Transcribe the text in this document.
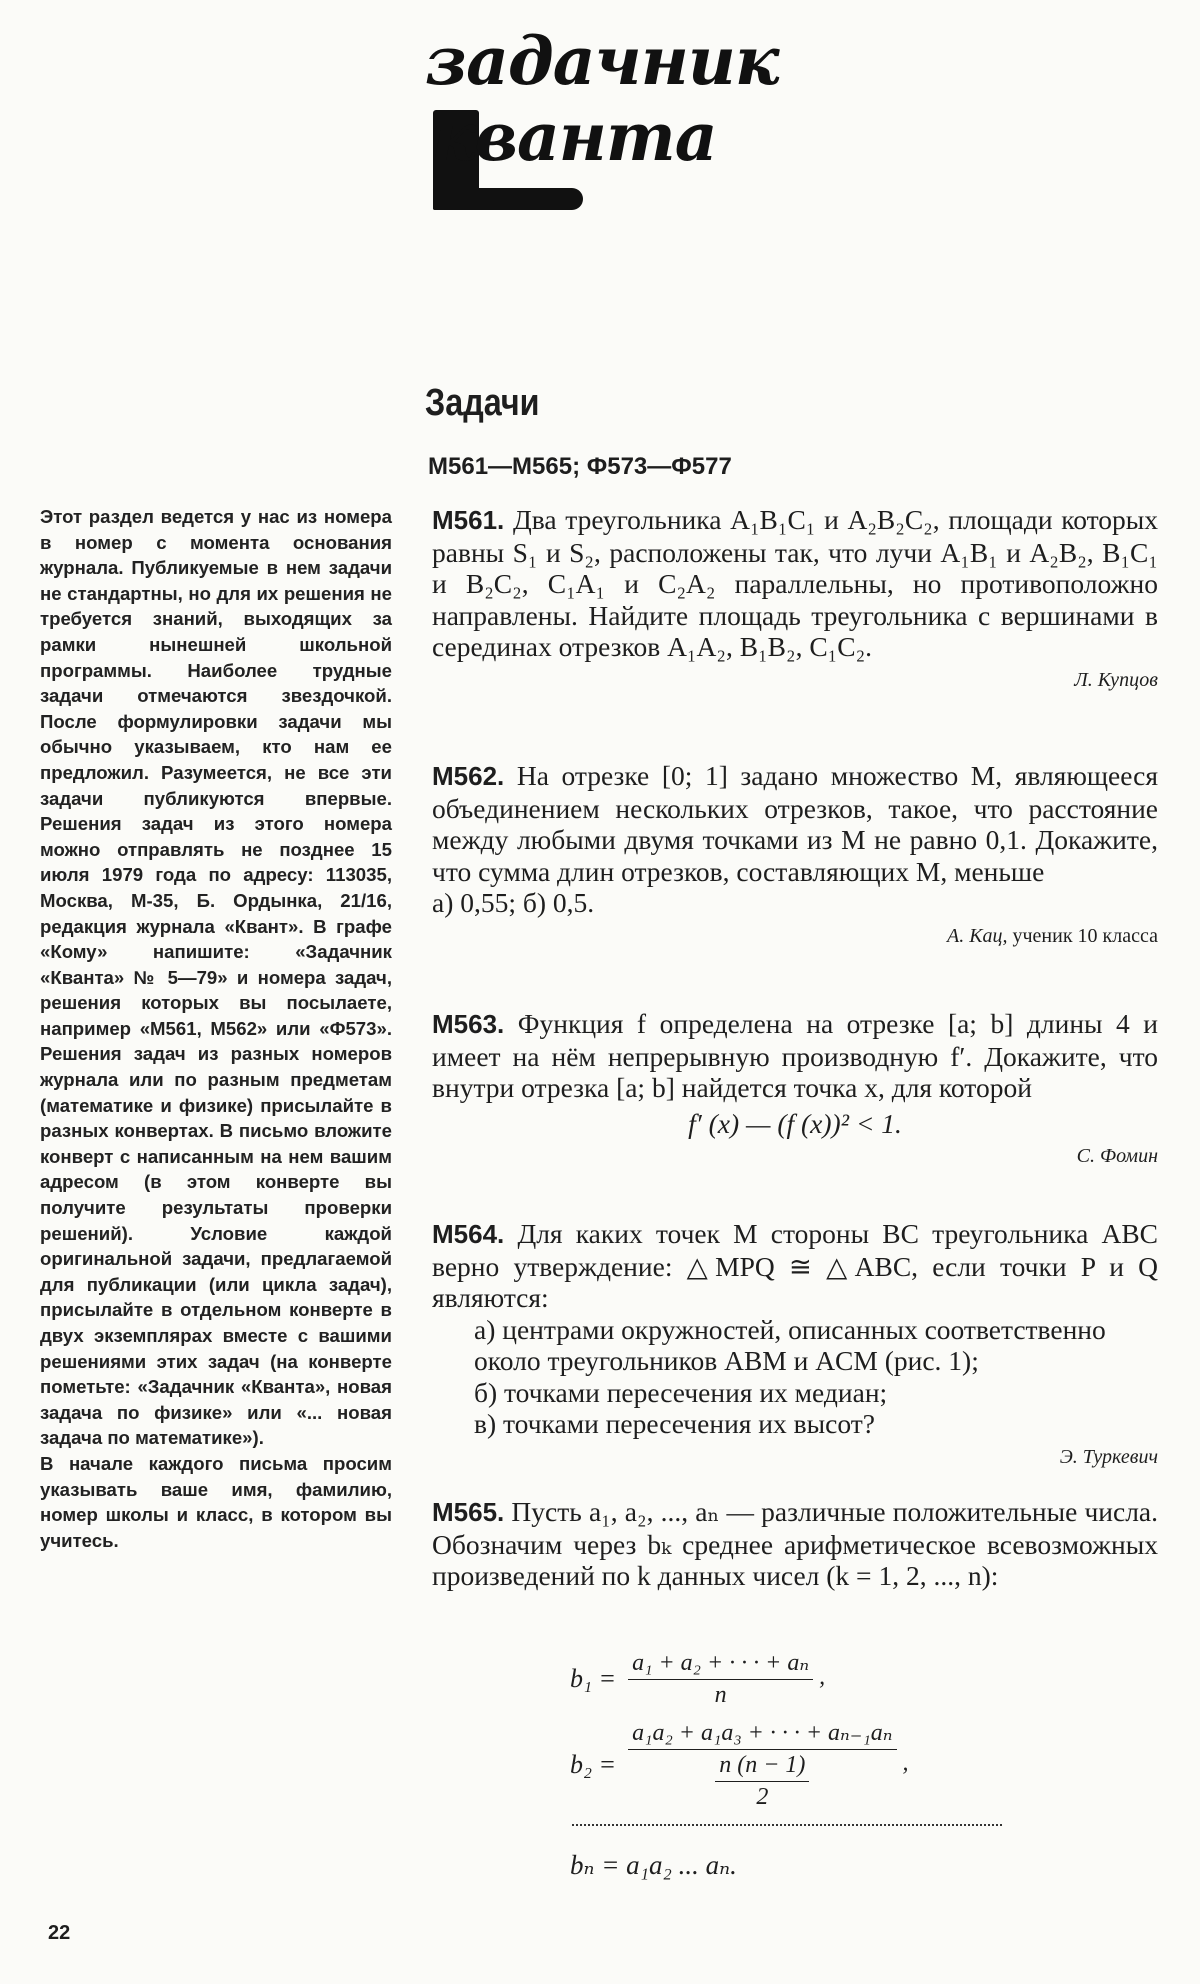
задачник
кванта
Задачи
М561—М565; Ф573—Ф577

Этот раздел ведется у нас из номера в номер с момента основания журнала. Публикуемые в нем задачи не стандартны, но для их решения не требуется знаний, выходящих за рамки нынешней школьной программы. Наиболее трудные задачи отмечаются звездочкой. После формулировки задачи мы обычно указываем, кто нам ее предложил. Разумеется, не все эти задачи публикуются впервые. Решения задач из этого номера можно отправлять не позднее 15 июля 1979 года по адресу: 113035, Москва, М-35, Б. Ордынка, 21/16, редакция журнала «Квант». В графе «Кому» напишите: «Задачник «Кванта» № 5—79» и номера задач, решения которых вы посылаете, например «М561, М562» или «Ф573». Решения задач из разных номеров журнала или по разным предметам (математике и физике) присылайте в разных конвертах. В письмо вложите конверт с написанным на нем вашим адресом (в этом конверте вы получите результаты проверки решений). Условие каждой оригинальной задачи, предлагаемой для публикации (или цикла задач), присылайте в отдельном конверте в двух экземплярах вместе с вашими решениями этих задач (на конверте пометьте: «Задачник «Кванта», новая задача по физике» или «... новая задача по математике»).

В начале каждого письма просим указывать ваше имя, фамилию, номер школы и класс, в котором вы учитесь.

М561. Два треугольника A₁B₁C₁ и A₂B₂C₂, площади которых равны S₁ и S₂, расположены так, что лучи A₁B₁ и A₂B₂, B₁C₁ и B₂C₂, C₁A₁ и C₂A₂ параллельны, но противоположно направлены. Найдите площадь треугольника с вершинами в серединах отрезков A₁A₂, B₁B₂, C₁C₂.

Л. Купцов

М562. На отрезке [0; 1] задано множество M, являющееся объединением нескольких отрезков, такое, что расстояние между любыми двумя точками из M не равно 0,1. Докажите, что сумма длин отрезков, составляющих M, меньше

а) 0,55; б) 0,5.

А. Кац, ученик 10 класса

М563. Функция f определена на отрезке [a; b] длины 4 и имеет на нём непрерывную производную f′. Докажите, что внутри отрезка [a; b] найдется точка x, для которой

f′ (x) — (f (x))² < 1.
С. Фомин

М564. Для каких точек M стороны BC треугольника ABC верно утверждение: △MPQ ≅ △ABC, если точки P и Q являются:

а) центрами окружностей, описанных соответственно около треугольников ABM и ACM (рис. 1);

б) точками пересечения их медиан;

в) точками пересечения их высот?

Э. Туркевич

М565. Пусть a₁, a₂, ..., aₙ — различные положительные числа. Обозначим через bₖ среднее арифметическое всевозможных произведений по k данных чисел (k = 1, 2, ..., n):

$b_1 = \frac{\text{a₁ + a₂ + · · · + aₙ}}{n}$ ,
$b_2 = \frac{\text{a₁a₂ + a₁a₃ + · · · + aₙ₋₁aₙ}}{\frac{n (n - 1)}{2}}$ ,
bₙ = a₁a₂ ... aₙ.
22
